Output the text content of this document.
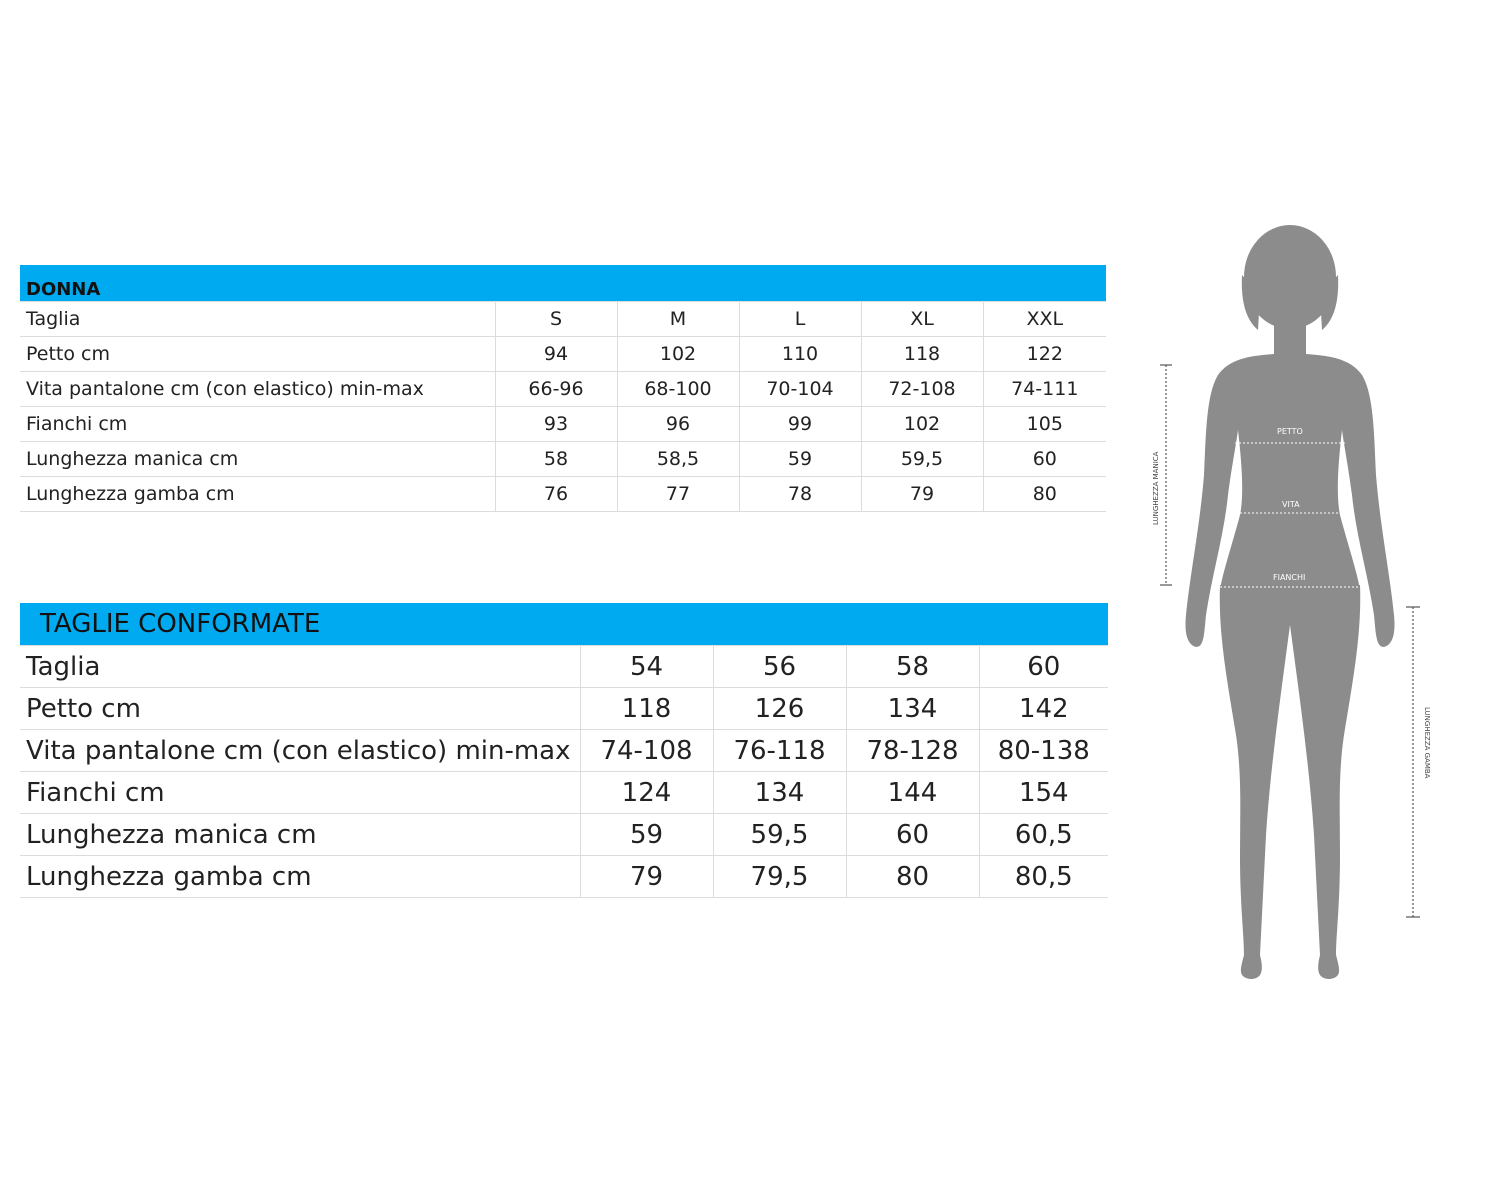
DONNA					
Taglia	S	M	L	XL	XXL
Petto cm	94	102	110	118	122
Vita pantalone cm (con elastico) min-max	66-96	68-100	70-104	72-108	74-111
Fianchi cm	93	96	99	102	105
Lunghezza manica cm	58	58,5	59	59,5	60
Lunghezza gamba cm	76	77	78	79	80
TAGLIE CONFORMATE				
Taglia	54	56	58	60
Petto cm	118	126	134	142
Vita pantalone cm (con elastico) min-max	74-108	76-118	78-128	80-138
Fianchi cm	124	134	144	154
Lunghezza manica cm	59	59,5	60	60,5
Lunghezza gamba cm	79	79,5	80	80,5
PETTO
VITA
FIANCHI
LUNGHEZZA MANICA
LUNGHEZZA GAMBA
